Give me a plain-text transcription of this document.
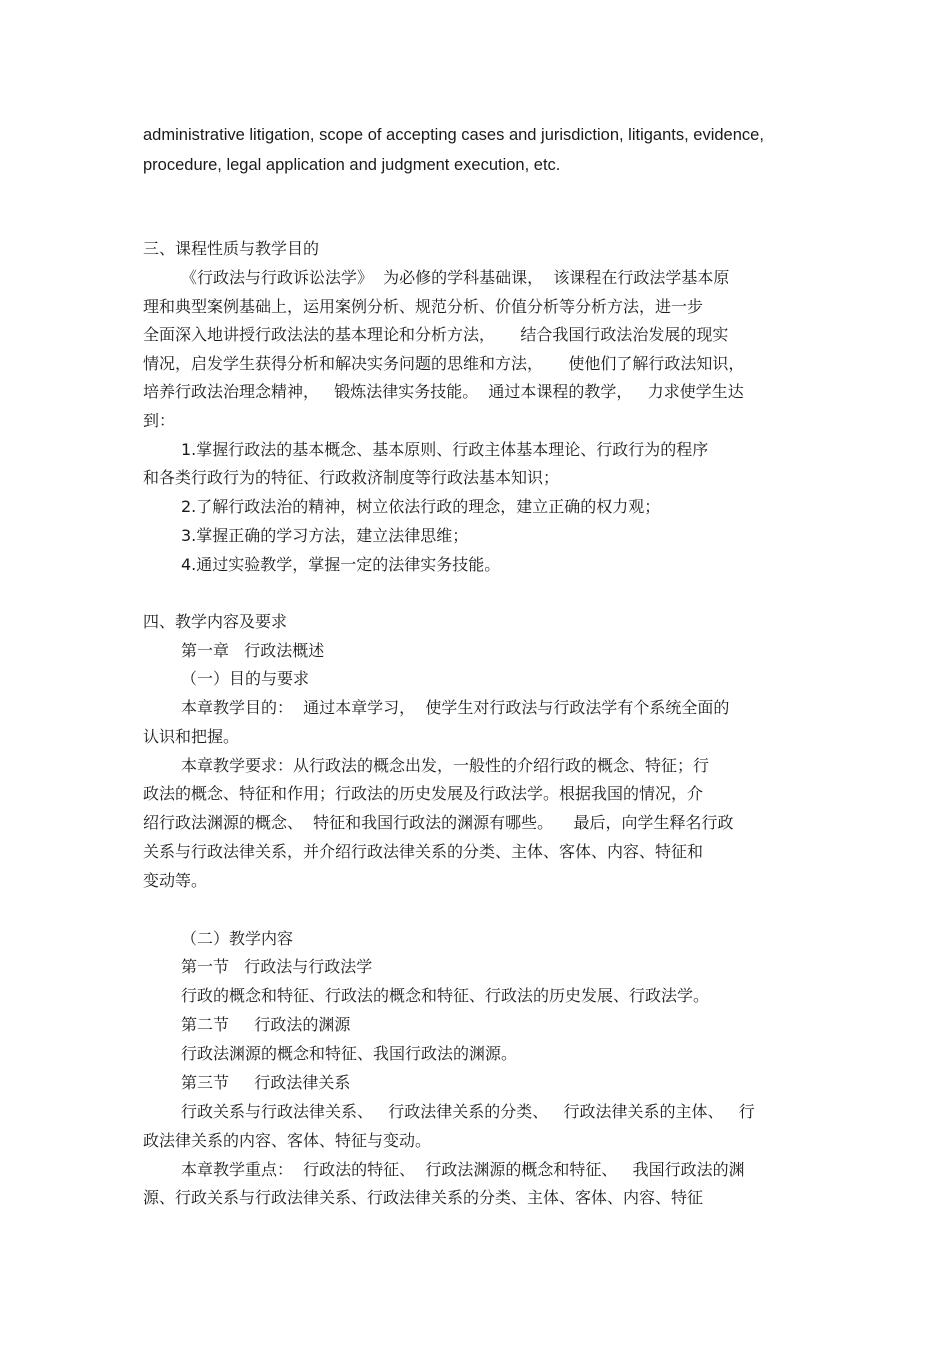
administrative litigation, scope of accepting cases and jurisdiction, litigants, evidence,

procedure, legal application and judgment execution, etc.

三、课程性质与教学目的

《行政法与行政诉讼法学》  为必修的学科基础课，  该课程在行政法学基本原

理和典型案例基础上，运用案例分析、规范分析、价值分析等分析方法，进一步

全面深入地讲授行政法法的基本理论和分析方法，     结合我国行政法治发展的现实

情况，启发学生获得分析和解决实务问题的思维和方法，     使他们了解行政法知识，

培养行政法治理念精神，   锻炼法律实务技能。  通过本课程的教学，   力求使学生达

到：

1.掌握行政法的基本概念、基本原则、行政主体基本理论、行政行为的程序

和各类行政行为的特征、行政救济制度等行政法基本知识；

2.了解行政法治的精神，树立依法行政的理念，建立正确的权力观；

3.掌握正确的学习方法，建立法律思维；

4.通过实验教学，掌握一定的法律实务技能。

四、教学内容及要求

第一章   行政法概述

（一）目的与要求

本章教学目的：  通过本章学习，  使学生对行政法与行政法学有个系统全面的

认识和把握。

本章教学要求：从行政法的概念出发，一般性的介绍行政的概念、特征；行

政法的概念、特征和作用；行政法的历史发展及行政法学。根据我国的情况，介

绍行政法渊源的概念、  特征和我国行政法的渊源有哪些。    最后，向学生释名行政

关系与行政法律关系，并介绍行政法律关系的分类、主体、客体、内容、特征和

变动等。

（二）教学内容

第一节   行政法与行政法学

行政的概念和特征、行政法的概念和特征、行政法的历史发展、行政法学。

第二节     行政法的渊源

行政法渊源的概念和特征、我国行政法的渊源。

第三节     行政法律关系

行政关系与行政法律关系、   行政法律关系的分类、   行政法律关系的主体、   行

政法律关系的内容、客体、特征与变动。

本章教学重点：  行政法的特征、  行政法渊源的概念和特征、   我国行政法的渊

源、行政关系与行政法律关系、行政法律关系的分类、主体、客体、内容、特征
